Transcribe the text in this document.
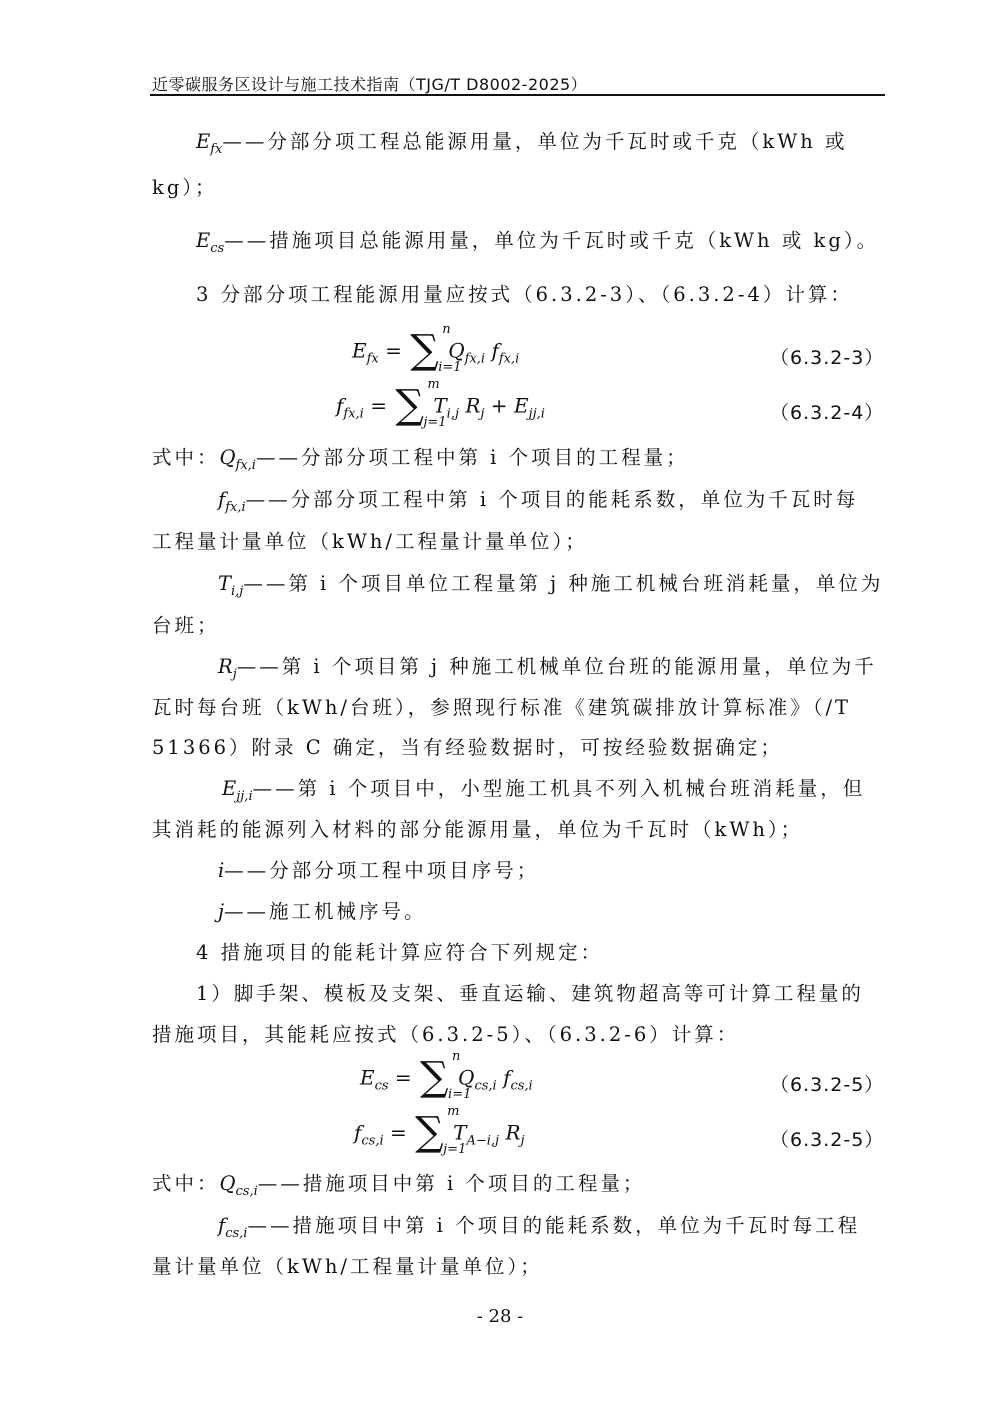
近零碳服务区设计与施工技术指南（TJG/T D8002-2025）
$E_{fx}——$分部分项工程总能源用量，单位为千瓦时或千克（kWh 或
kg）；
$E_{cs}——$措施项目总能源用量，单位为千瓦时或千克（kWh 或 kg）。
3 分部分项工程能源用量应按式（6.3.2-3）、（6.3.2-4）计算：
$E_{fx}$ = ∑ n
i=1
$Q_{fx,i}$ $f_{fx,i}$	（6.3.2-3）
$f_{fx,i}$ = ∑ m
j=1
$T_{i,j}$ $R_j + E_{jj,i}$	（6.3.2-4）
式中：$Q_{fx,i}——$分部分项工程中第 i 个项目的工程量；
$f_{fx,i}——$分部分项工程中第 i 个项目的能耗系数，单位为千瓦时每
工程量计量单位（kWh/工程量计量单位）；
$T_{i,j}——$第 i 个项目单位工程量第 j 种施工机械台班消耗量，单位为
台班；
$R_j——$第 i 个项目第 j 种施工机械单位台班的能源用量，单位为千
瓦时每台班（kWh/台班），参照现行标准《建筑碳排放计算标准》（/T
51366）附录 C 确定，当有经验数据时，可按经验数据确定；
$E_{jj,i}——$第 i 个项目中，小型施工机具不列入机械台班消耗量，但
其消耗的能源列入材料的部分能源用量，单位为千瓦时（kWh）；
i——分部分项工程中项目序号；
j——施工机械序号。
4 措施项目的能耗计算应符合下列规定：
1）脚手架、模板及支架、垂直运输、建筑物超高等可计算工程量的
措施项目，其能耗应按式（6.3.2-5）、（6.3.2-6）计算：
$E_{cs}$ = ∑ n
i=1
$Q_{cs,i}$ $f_{cs,i}$	（6.3.2-5）
$f_{cs,i}$ = ∑ m
j=1
$T_{A-i,j}$ $R_j$	（6.3.2-5）
式中：$Q_{cs,i}——$措施项目中第 i 个项目的工程量；
$f_{cs,i}——$措施项目中第 i 个项目的能耗系数，单位为千瓦时每工程
量计量单位（kWh/工程量计量单位）；
- 28 -
